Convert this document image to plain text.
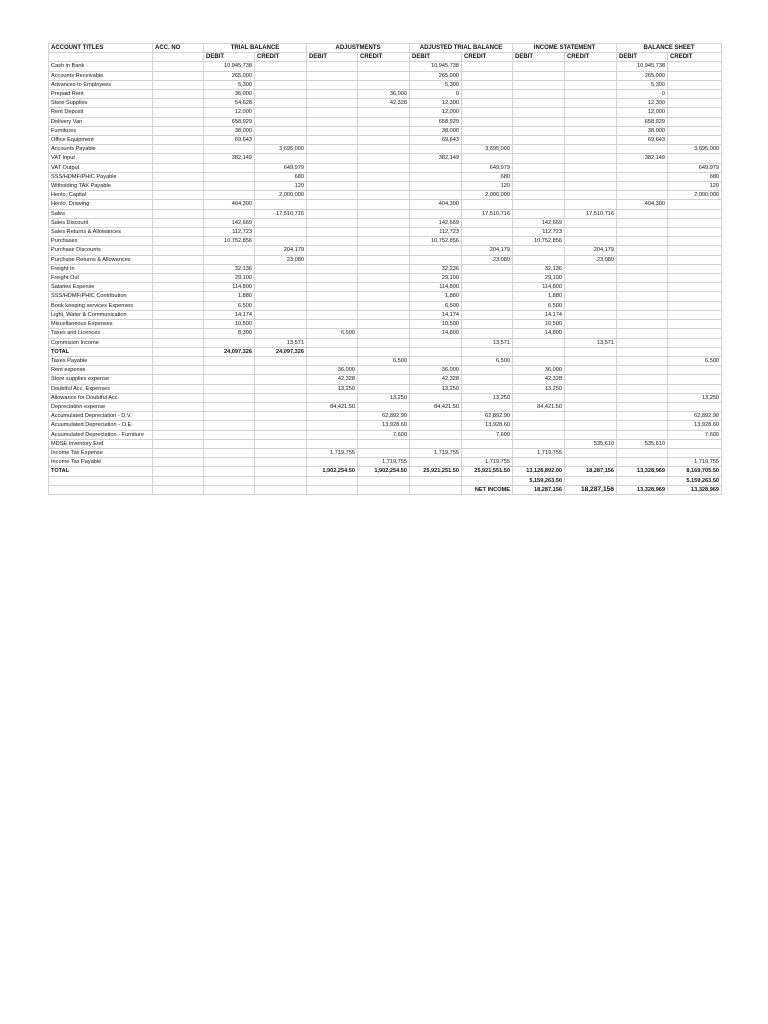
ACCOUNT TITLES	ACC. NO	TRIAL BALANCE		ADJUSTMENTS		ADJUSTED TRIAL BALANCE		INCOME STATEMENT		BALANCE SHEET	
		DEBIT	CREDIT	DEBIT	CREDIT	DEBIT	CREDIT	DEBIT	CREDIT	DEBIT	CREDIT
Cash in Bank		10,945,738				10,945,738				10,945,738	
Accounts Receivable		265,000				265,000				265,000	
Advances to Employees		5,300				5,300				5,300	
Prepaid Rent		36,000			36,000	0				0	
Store Supplies		54,628			42,328	12,300				12,300	
Rent Deposit		12,000				12,000				12,000	
Delivery Van		658,929				658,929				658,929	
Furnitures		38,000				38,000				38,000	
Office Equipment		69,643				69,643				69,643	
Accounts Payable			3,695,000				3,695,000				3,695,000
VAT Input		382,149				382,149				382,149	
VAT Output			649,979				649,979				649,979
SSS/HDMF/PHIC Payable			680				680				680
Witholding TAX Payable			120				120				120
Henlo, Capital			2,000,000				2,000,000				2,000,000
Henlo, Drawing		404,300				404,300				404,300	
Sales			17,510,716				17,510,716		17,510,716		
Sales Discount		142,669				142,669		142,669			
Sales Returns & Allowances		112,723				112,723		112,723			
Purchases		10,752,856				10,752,856		10,752,856			
Purchase Discounts			204,179				204,179		204,179		
Purchase Returns & Allowances			23,080				23,080		23,080		
Freight In		32,136				32,236		32,136			
Freight Out		29,100				29,100		29,100			
Salaries Expense		114,800				114,800		114,800			
SSS/HDMF/PHIC Contribution		1,880				1,880		1,880			
Book keeping services Expenses		6,500				6,500		6,500			
Light, Water & Communication		14,174				14,174		14,174			
Miscellaneous Expenses		10,500				10,500		10,500			
Taxes and Licences		8,300		6,500		14,800		14,800			
Commision Income			13,571				13,571		13,571		
TOTAL		24,097,326	24,097,326								
Taxes Payable					6,500		6,500				6,500
Rent expense				36,000		36,000		36,000			
Store supplies expense				42,328		42,328		42,328			
Doubtful Acc. Expenses				13,250		13,250		13,250			
Allowance for Doubtful Acc.					13,250		13,250				13,250
Depreciation expense				84,421.50		84,421.50		84,421.50			
Accumulated Depreciation - D.V.					62,892.90		62,892.90				62,892.90
Acuumulated Depreciation - O.E.					13,928.60		13,928.60				13,928.60
Acuumulated Depreciation - Furniture					7,600		7,600				7,600
MDSE Inventory End									535,610	535,610	
Income Tax Expense				1,719,755		1,719,755		1,719,755			
Income Tax Payable					1,719,755		1,719,755				1,719,755
TOTAL				1,902,254.50	1,902,254.50	25,921,251.50	25,921,551.50	13,128,892.00	18,287,156	13,328,969	8,169,705.50
								5,159,263.50			5,159,263.50
							NET INCOME	18,287,156	18,287,156	13,328,969	13,328,969
